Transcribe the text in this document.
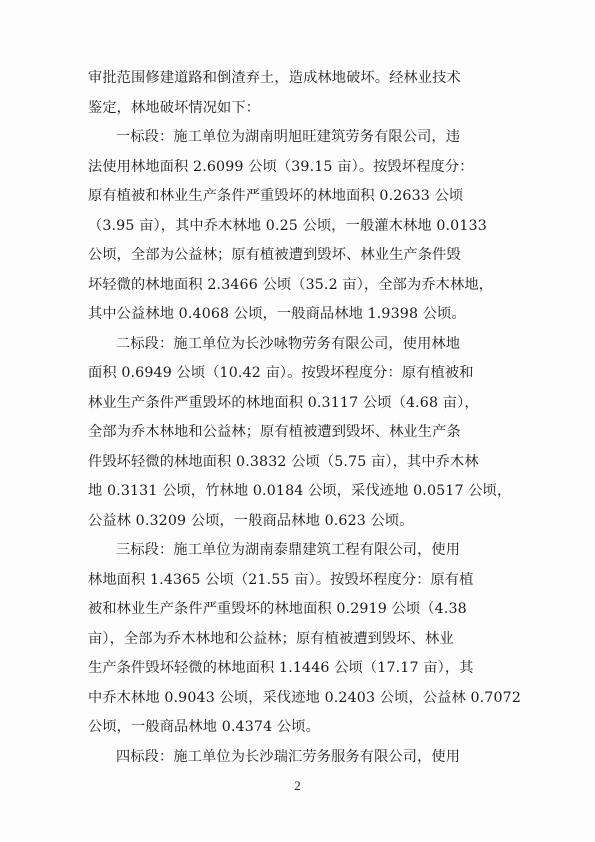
审批范围修建道路和倒渣弃土，造成林地破坏。经林业技术
鉴定，林地破坏情况如下：

一标段：施工单位为湖南明旭旺建筑劳务有限公司，违
法使用林地面积 2.6099 公顷（39.15 亩）。按毁坏程度分：
原有植被和林业生产条件严重毁坏的林地面积 0.2633 公顷
（3.95 亩），其中乔木林地 0.25 公顷，一般灌木林地 0.0133
公顷，全部为公益林；原有植被遭到毁坏、林业生产条件毁
坏轻微的林地面积 2.3466 公顷（35.2 亩），全部为乔木林地，
其中公益林地 0.4068 公顷，一般商品林地 1.9398 公顷。

二标段：施工单位为长沙咏物劳务有限公司，使用林地
面积 0.6949 公顷（10.42 亩）。按毁坏程度分：原有植被和
林业生产条件严重毁坏的林地面积 0.3117 公顷（4.68 亩），
全部为乔木林地和公益林；原有植被遭到毁坏、林业生产条
件毁坏轻微的林地面积 0.3832 公顷（5.75 亩），其中乔木林
地 0.3131 公顷，竹林地 0.0184 公顷，采伐迹地 0.0517 公顷，
公益林 0.3209 公顷，一般商品林地 0.623 公顷。

三标段：施工单位为湖南泰鼎建筑工程有限公司，使用
林地面积 1.4365 公顷（21.55 亩）。按毁坏程度分：原有植
被和林业生产条件严重毁坏的林地面积 0.2919 公顷（4.38
亩），全部为乔木林地和公益林；原有植被遭到毁坏、林业
生产条件毁坏轻微的林地面积 1.1446 公顷（17.17 亩），其
中乔木林地 0.9043 公顷，采伐迹地 0.2403 公顷，公益林 0.7072
公顷，一般商品林地 0.4374 公顷。

四标段：施工单位为长沙瑞汇劳务服务有限公司，使用

2
